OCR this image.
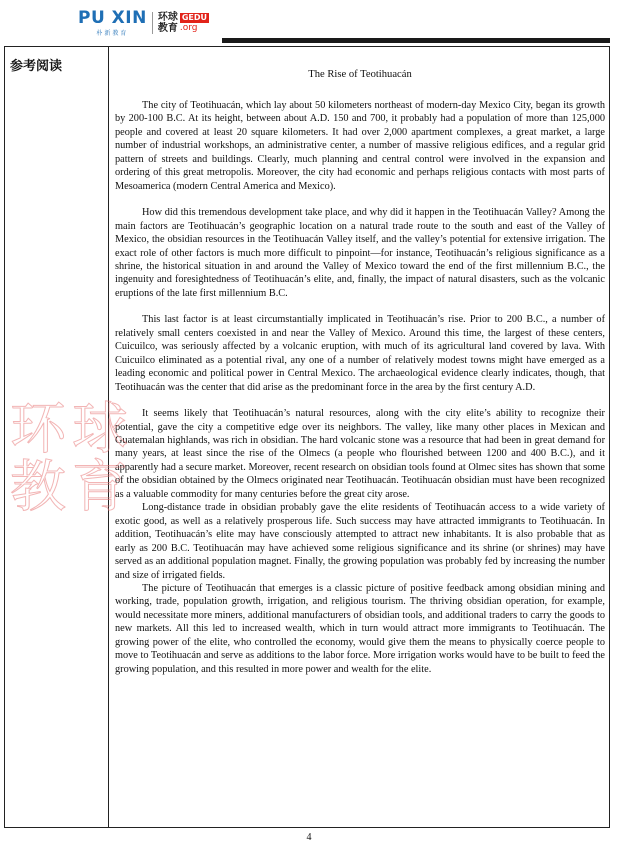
PU XIN
朴新教育
环球
教育
GEDU
.org
参考阅读
The Rise of Teotihuacán

The city of Teotihuacán, which lay about 50 kilometers northeast of modern-day Mexico City, began its growth by 200-100 B.C. At its height, between about A.D. 150 and 700, it probably had a population of more than 125,000 people and covered at least 20 square kilometers. It had over 2,000 apartment complexes, a great market, a large number of industrial workshops, an administrative center, a number of massive religious edifices, and a regular grid pattern of streets and buildings. Clearly, much planning and central control were involved in the expansion and ordering of this great metropolis. Moreover, the city had economic and perhaps religious contacts with most parts of Mesoamerica (modern Central America and Mexico).

How did this tremendous development take place, and why did it happen in the Teotihuacán Valley? Among the main factors are Teotihuacán’s geographic location on a natural trade route to the south and east of the Valley of Mexico, the obsidian resources in the Teotihuacán Valley itself, and the valley’s potential for extensive irrigation. The exact role of other factors is much more difficult to pinpoint—for instance, Teotihuacán’s religious significance as a shrine, the historical situation in and around the Valley of Mexico toward the end of the first millennium B.C., the ingenuity and foresightedness of Teotihuacán’s elite, and, finally, the impact of natural disasters, such as the volcanic eruptions of the late first millennium B.C.

This last factor is at least circumstantially implicated in Teotihuacán’s rise. Prior to 200 B.C., a number of relatively small centers coexisted in and near the Valley of Mexico. Around this time, the largest of these centers, Cuicuilco, was seriously affected by a volcanic eruption, with much of its agricultural land covered by lava. With Cuicuilco eliminated as a potential rival, any one of a number of relatively modest towns might have emerged as a leading economic and political power in Central Mexico. The archaeological evidence clearly indicates, though, that Teotihuacán was the center that did arise as the predominant force in the area by the first century A.D.

It seems likely that Teotihuacán’s natural resources, along with the city elite’s ability to recognize their potential, gave the city a competitive edge over its neighbors. The valley, like many other places in Mexican and Guatemalan highlands, was rich in obsidian. The hard volcanic stone was a resource that had been in great demand for many years, at least since the rise of the Olmecs (a people who flourished between 1200 and 400 B.C.), and it apparently had a secure market. Moreover, recent research on obsidian tools found at Olmec sites has shown that some of the obsidian obtained by the Olmecs originated near Teotihuacán. Teotihuacán obsidian must have been recognized as a valuable commodity for many centuries before the great city arose.

Long-distance trade in obsidian probably gave the elite residents of Teotihuacán access to a wide variety of exotic good, as well as a relatively prosperous life. Such success may have attracted immigrants to Teotihuacán. In addition, Teotihuacán’s elite may have consciously attempted to attract new inhabitants. It is also probable that as early as 200 B.C. Teotihuacán may have achieved some religious significance and its shrine (or shrines) may have served as an additional population magnet. Finally, the growing population was probably fed by increasing the number and size of irrigated fields.

The picture of Teotihuacán that emerges is a classic picture of positive feedback among obsidian mining and working, trade, population growth, irrigation, and religious tourism. The thriving obsidian operation, for example, would necessitate more miners, additional manufacturers of obsidian tools, and additional traders to carry the goods to new markets. All this led to increased wealth, which in turn would attract more immigrants to Teotihuacán. The growing power of the elite, who controlled the economy, would give them the means to physically coerce people to move to Teotihuacán and serve as additions to the labor force. More irrigation works would have to be built to feed the growing population, and this resulted in more power and wealth for the elite.

环球
教育
4
